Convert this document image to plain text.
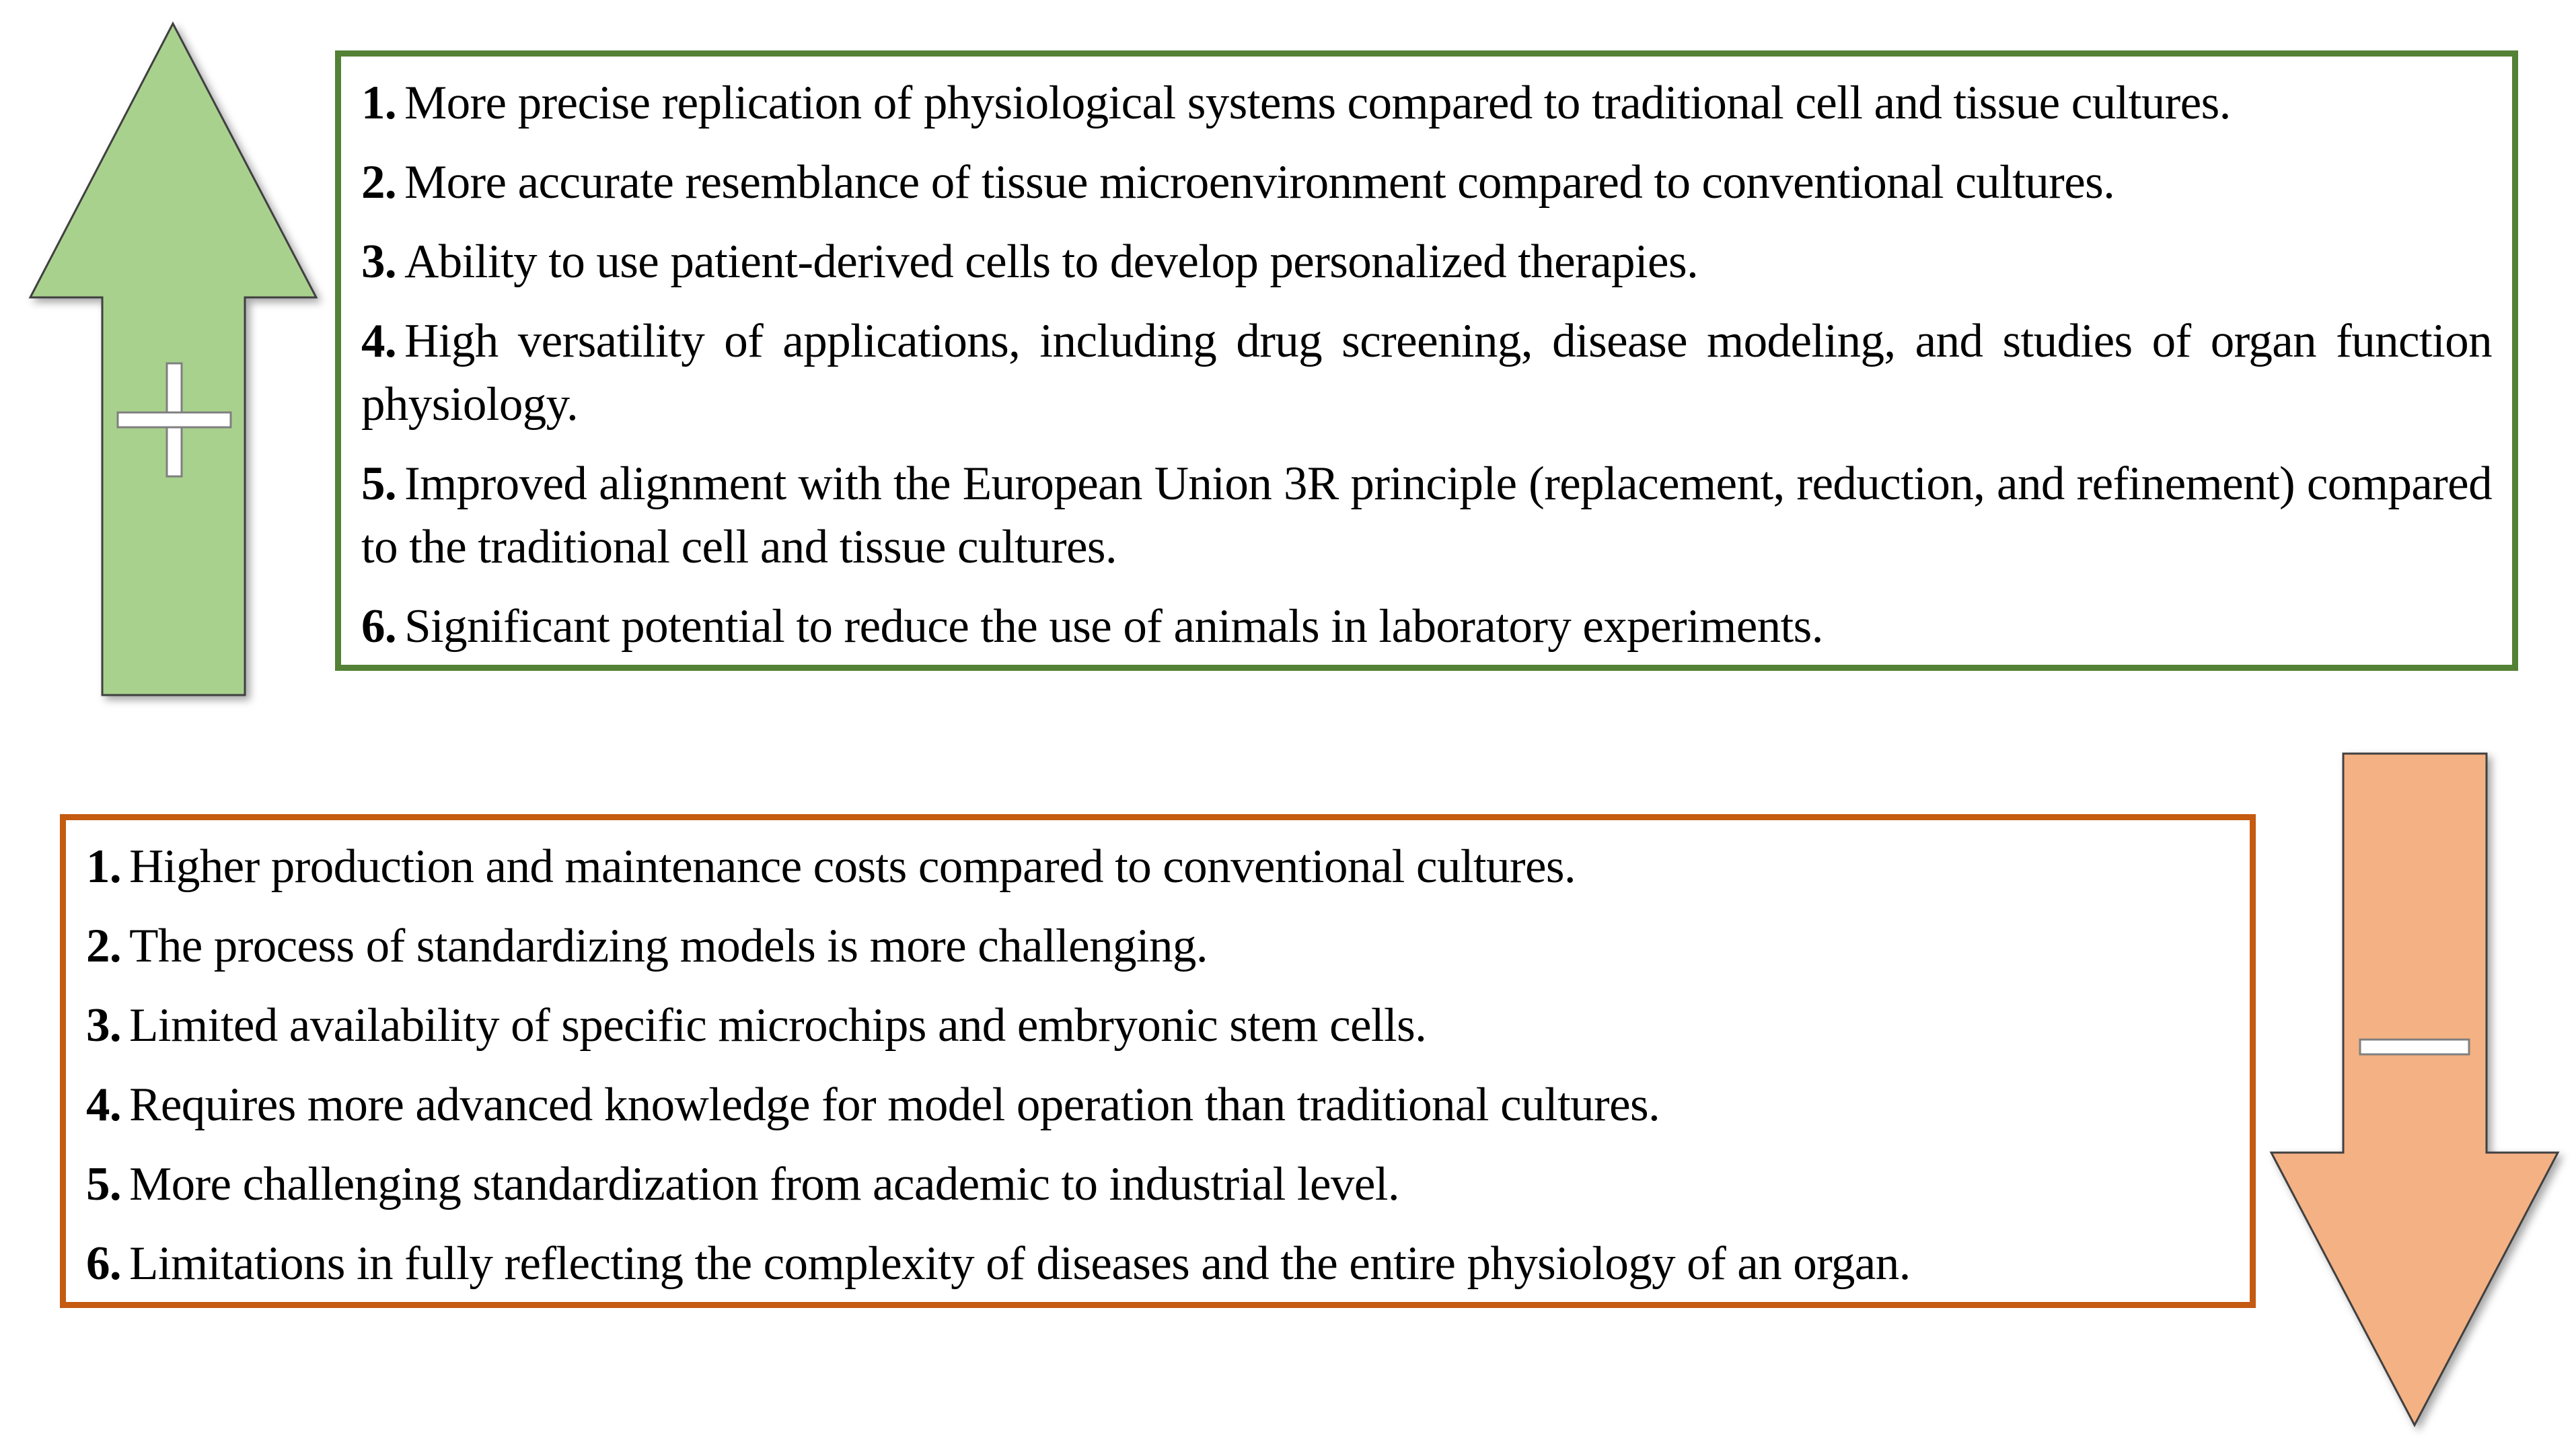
1. More precise replication of physiological systems compared to traditional cell and tissue cultures.

2. More accurate resemblance of tissue microenvironment compared to conventional cultures.

3. Ability to use patient-derived cells to develop personalized therapies.

4. High versatility of applications, including drug screening, disease modeling, and studies of organ function physiology.

5. Improved alignment with the European Union 3R principle (replacement, reduction, and refinement) compared to the traditional cell and tissue cultures.

6. Significant potential to reduce the use of animals in laboratory experiments.

1. Higher production and maintenance costs compared to conventional cultures.

2. The process of standardizing models is more challenging.

3. Limited availability of specific microchips and embryonic stem cells.

4. Requires more advanced knowledge for model operation than traditional cultures.

5. More challenging standardization from academic to industrial level.

6. Limitations in fully reflecting the complexity of diseases and the entire physiology of an organ.
